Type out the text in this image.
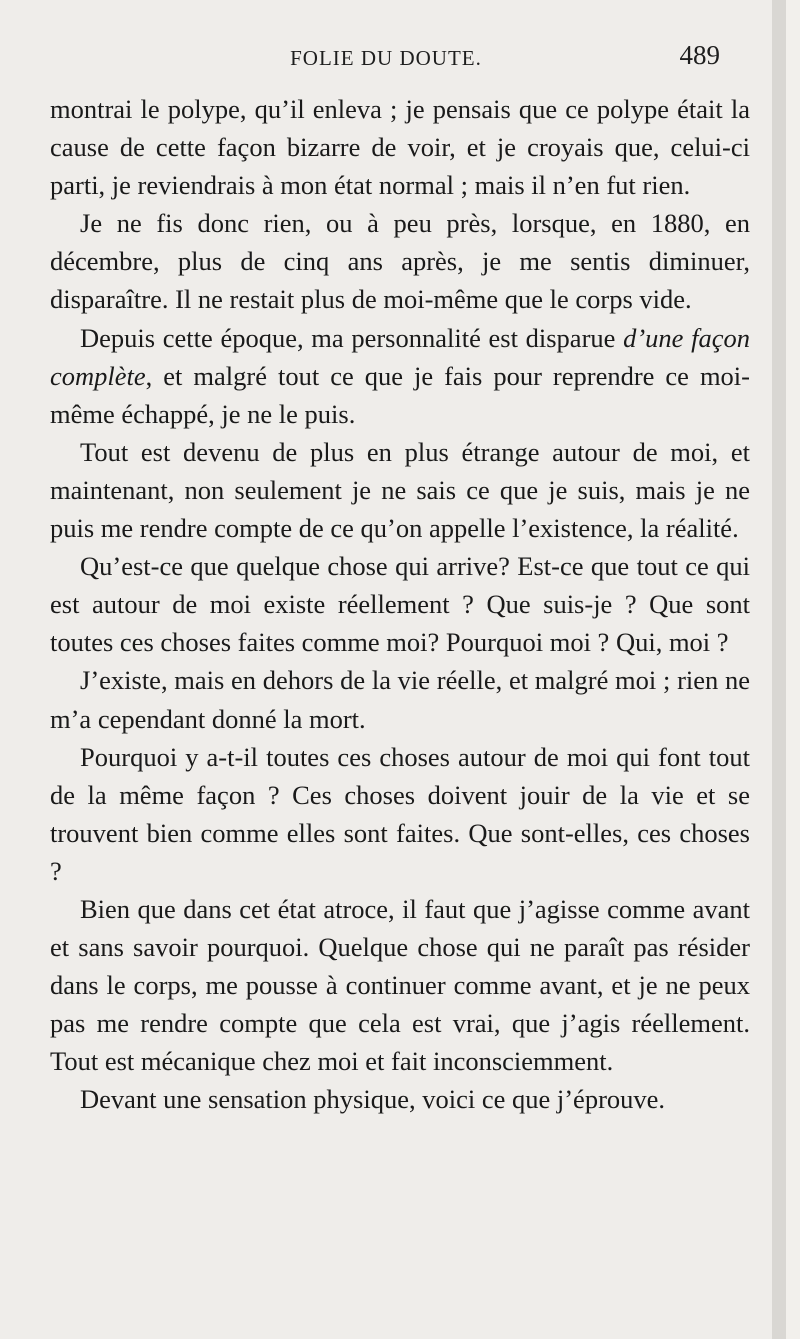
FOLIE DU DOUTE.	489

montrai le polype, qu’il enleva ; je pensais que ce polype était la cause de cette façon bizarre de voir, et je croyais que, celui-ci parti, je reviendrais à mon état normal ; mais il n’en fut rien.

Je ne fis donc rien, ou à peu près, lorsque, en 1880, en décembre, plus de cinq ans après, je me sentis diminuer, disparaître. Il ne restait plus de moi-même que le corps vide.

Depuis cette époque, ma personnalité est disparue d’une façon complète, et malgré tout ce que je fais pour reprendre ce moi-même échappé, je ne le puis.

Tout est devenu de plus en plus étrange autour de moi, et maintenant, non seulement je ne sais ce que je suis, mais je ne puis me rendre compte de ce qu’on appelle l’existence, la réalité.

Qu’est-ce que quelque chose qui arrive? Est-ce que tout ce qui est autour de moi existe réellement ? Que suis-je ? Que sont toutes ces choses faites comme moi? Pourquoi moi ? Qui, moi ?

J’existe, mais en dehors de la vie réelle, et malgré moi ; rien ne m’a cependant donné la mort.

Pourquoi y a-t-il toutes ces choses autour de moi qui font tout de la même façon ? Ces choses doivent jouir de la vie et se trouvent bien comme elles sont faites. Que sont-elles, ces choses ?

Bien que dans cet état atroce, il faut que j’agisse comme avant et sans savoir pourquoi. Quelque chose qui ne paraît pas résider dans le corps, me pousse à continuer comme avant, et je ne peux pas me rendre compte que cela est vrai, que j’agis réellement. Tout est mécanique chez moi et fait inconsciemment.

Devant une sensation physique, voici ce que j’éprouve.
